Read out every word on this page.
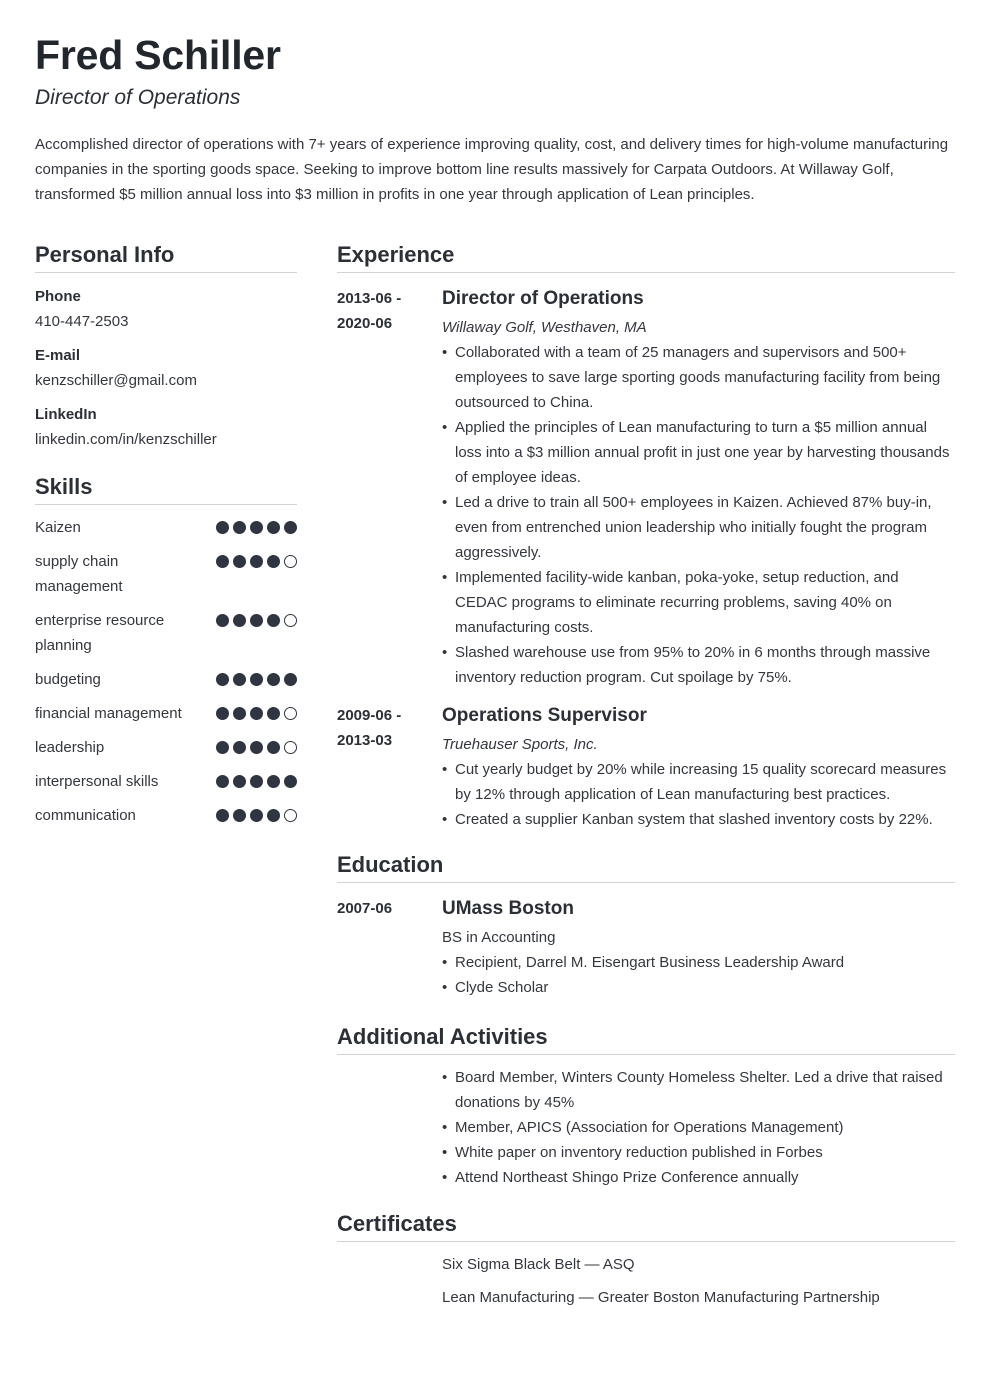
Fred Schiller
Director of Operations

Accomplished director of operations with 7+ years of experience improving quality, cost, and delivery times for high-volume manufacturing companies in the sporting goods space. Seeking to improve bottom line results massively for Carpata Outdoors. At Willaway Golf, transformed $5 million annual loss into $3 million in profits in one year through application of Lean principles.

Personal Info
Phone
410-447-2503
E-mail
kenzschiller@gmail.com
LinkedIn
linkedin.com/in/kenzschiller
Skills
Kaizen
supply chain management
enterprise resource planning
budgeting
financial management
leadership
interpersonal skills
communication
Experience
2013-06 - 2020-06
Director of Operations
Willaway Golf, Westhaven, MA
• Collaborated with a team of 25 managers and supervisors and 500+ employees to save large sporting goods manufacturing facility from being outsourced to China.
• Applied the principles of Lean manufacturing to turn a $5 million annual loss into a $3 million annual profit in just one year by harvesting thousands of employee ideas.
• Led a drive to train all 500+ employees in Kaizen. Achieved 87% buy-in, even from entrenched union leadership who initially fought the program aggressively.
• Implemented facility-wide kanban, poka-yoke, setup reduction, and CEDAC programs to eliminate recurring problems, saving 40% on manufacturing costs.
• Slashed warehouse use from 95% to 20% in 6 months through massive inventory reduction program. Cut spoilage by 75%.
2009-06 - 2013-03
Operations Supervisor
Truehauser Sports, Inc.
• Cut yearly budget by 20% while increasing 15 quality scorecard measures by 12% through application of Lean manufacturing best practices.
• Created a supplier Kanban system that slashed inventory costs by 22%.
Education
2007-06	UMass Boston
BS in Accounting
• Recipient, Darrel M. Eisengart Business Leadership Award
• Clyde Scholar
Additional Activities
• Board Member, Winters County Homeless Shelter. Led a drive that raised donations by 45%
• Member, APICS (Association for Operations Management)
• White paper on inventory reduction published in Forbes
• Attend Northeast Shingo Prize Conference annually
Certificates
Six Sigma Black Belt — ASQ
Lean Manufacturing — Greater Boston Manufacturing Partnership
